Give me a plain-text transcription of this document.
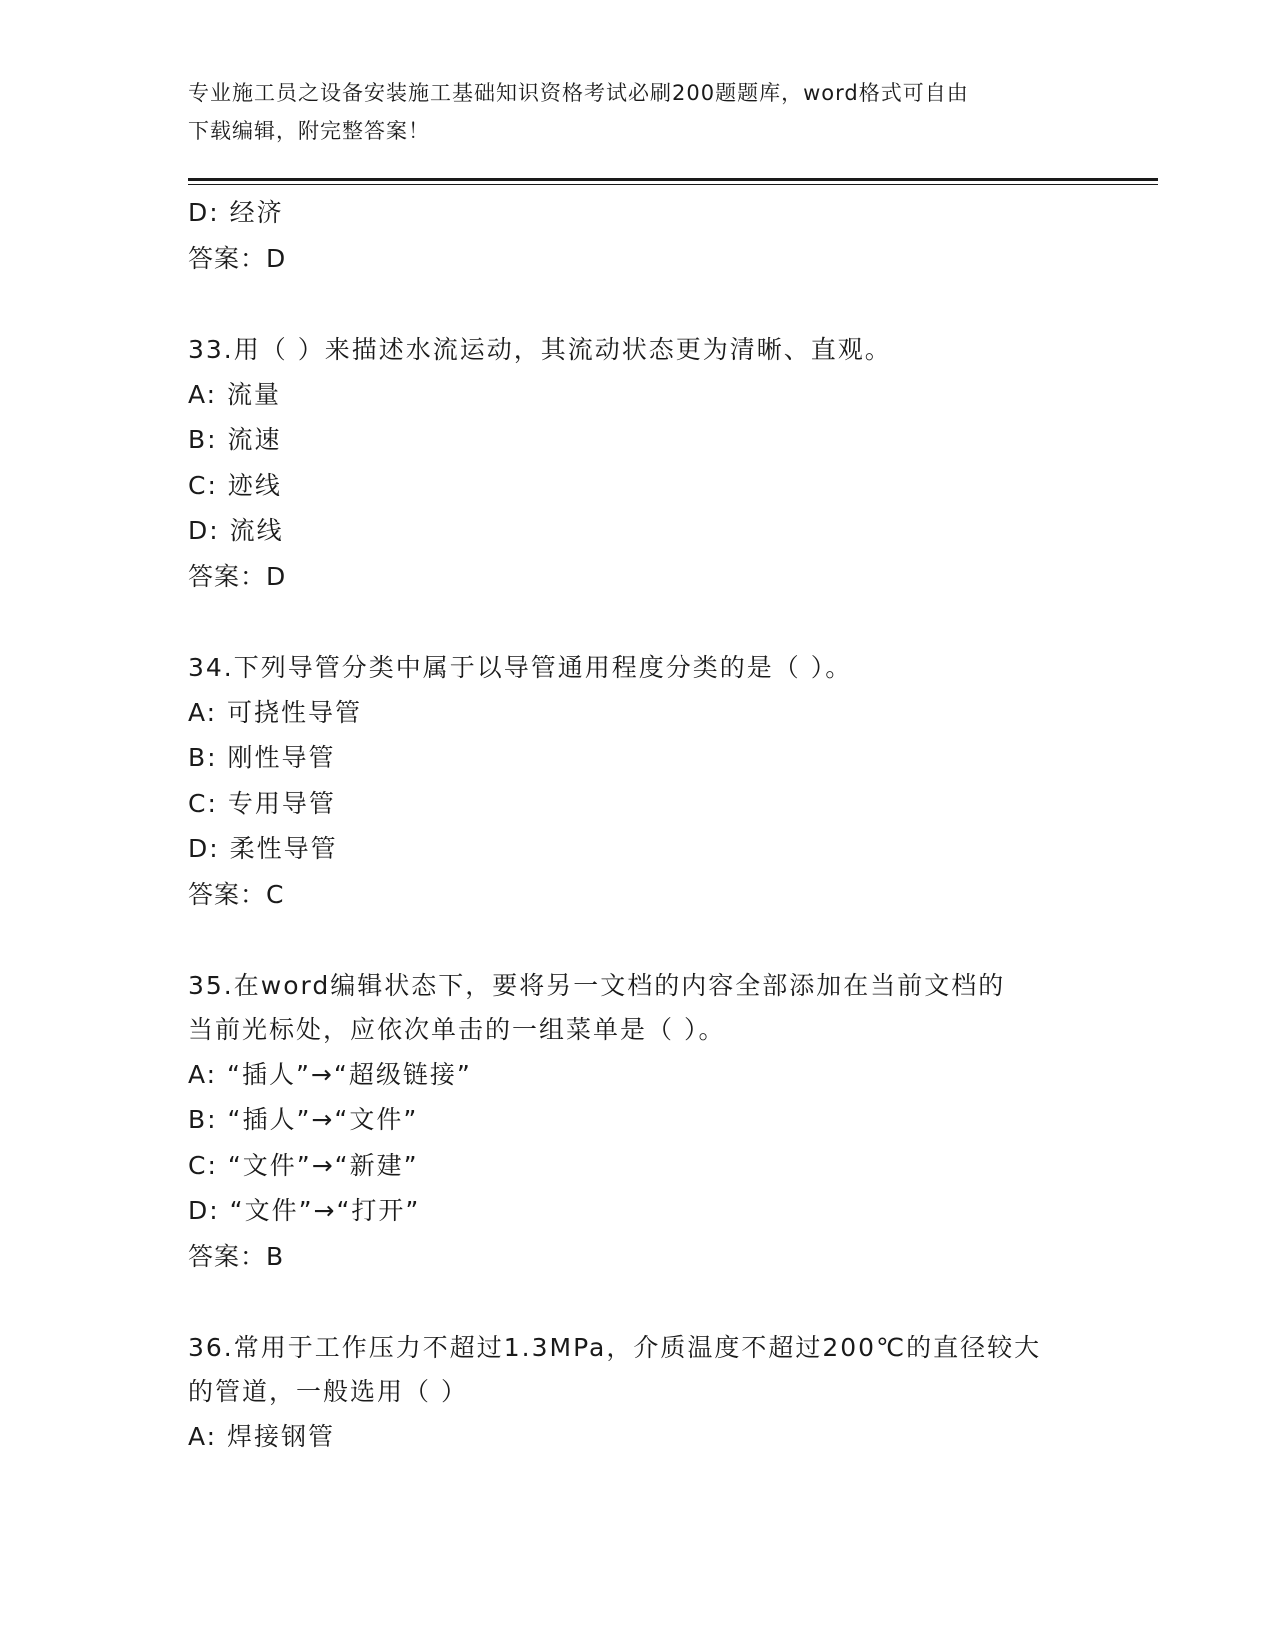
专业施工员之设备安装施工基础知识资格考试必刷200题题库，word格式可自由
下载编辑，附完整答案！
D: 经济
答案：D
33.用（ ）来描述水流运动，其流动状态更为清晰、直观。
A: 流量
B: 流速
C: 迹线
D: 流线
答案：D
34.下列导管分类中属于以导管通用程度分类的是（ ）。
A: 可挠性导管
B: 刚性导管
C: 专用导管
D: 柔性导管
答案：C
35.在word编辑状态下，要将另一文档的内容全部添加在当前文档的
当前光标处，应依次单击的一组菜单是（ ）。
A: “插人”→“超级链接”
B: “插人”→“文件”
C: “文件”→“新建”
D: “文件”→“打开”
答案：B
36.常用于工作压力不超过1.3MPa，介质温度不超过200℃的直径较大
的管道，一般选用（ ）
A: 焊接钢管
